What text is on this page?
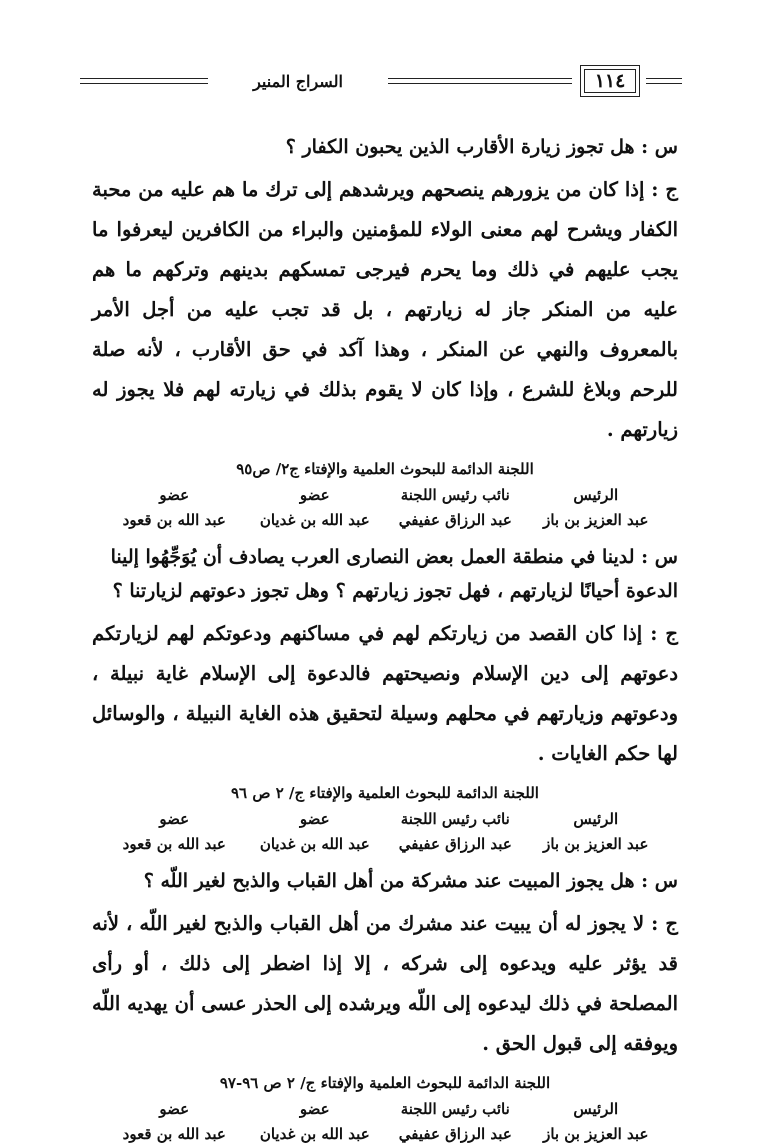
السراج المنير	١١٤
س : هل تجوز زيارة الأقارب الذين يحبون الكفار ؟
ج : إذا كان من يزورهم ينصحهم ويرشدهم إلى ترك ما هم عليه من محبة الكفار ويشرح لهم معنى الولاء للمؤمنين والبراء من الكافرين ليعرفوا ما يجب عليهم في ذلك وما يحرم فيرجى تمسكهم بدينهم وتركهم ما هم عليه من المنكر جاز له زيارتهم ، بل قد تجب عليه من أجل الأمر بالمعروف والنهي عن المنكر ، وهذا آكد في حق الأقارب ، لأنه صلة للرحم وبلاغ للشرع ، وإذا كان لا يقوم بذلك في زيارته لهم فلا يجوز له زيارتهم .
اللجنة الدائمة للبحوث العلمية والإفتاء ج٢/ ص٩٥
الرئيس
عبد العزيز بن باز
نائب رئيس اللجنة
عبد الرزاق عفيفي
عضو
عبد الله بن غديان
عضو
عبد الله بن قعود
س : لدينا في منطقة العمل بعض النصارى العرب يصادف أن يُوَجِّهُوا إلينا الدعوة أحيانًا لزيارتهم ، فهل تجوز زيارتهم ؟ وهل تجوز دعوتهم لزيارتنا ؟
ج : إذا كان القصد من زيارتكم لهم في مساكنهم ودعوتكم لهم لزيارتكم دعوتهم إلى دين الإسلام ونصيحتهم فالدعوة إلى الإسلام غاية نبيلة ، ودعوتهم وزيارتهم في محلهم وسيلة لتحقيق هذه الغاية النبيلة ، والوسائل لها حكم الغايات .
اللجنة الدائمة للبحوث العلمية والإفتاء ج/ ٢ ص ٩٦
الرئيس
عبد العزيز بن باز
نائب رئيس اللجنة
عبد الرزاق عفيفي
عضو
عبد الله بن غديان
عضو
عبد الله بن قعود
س : هل يجوز المبيت عند مشركة من أهل القباب والذبح لغير اللّه ؟
ج : لا يجوز له أن يبيت عند مشرك من أهل القباب والذبح لغير اللّه ، لأنه قد يؤثر عليه ويدعوه إلى شركه ، إلا إذا اضطر إلى ذلك ، أو رأى المصلحة في ذلك ليدعوه إلى اللّه ويرشده إلى الحذر عسى أن يهديه اللّه ويوفقه إلى قبول الحق .
اللجنة الدائمة للبحوث العلمية والإفتاء ج/ ٢ ص ٩٦-٩٧
الرئيس
عبد العزيز بن باز
نائب رئيس اللجنة
عبد الرزاق عفيفي
عضو
عبد الله بن غديان
عضو
عبد الله بن قعود
